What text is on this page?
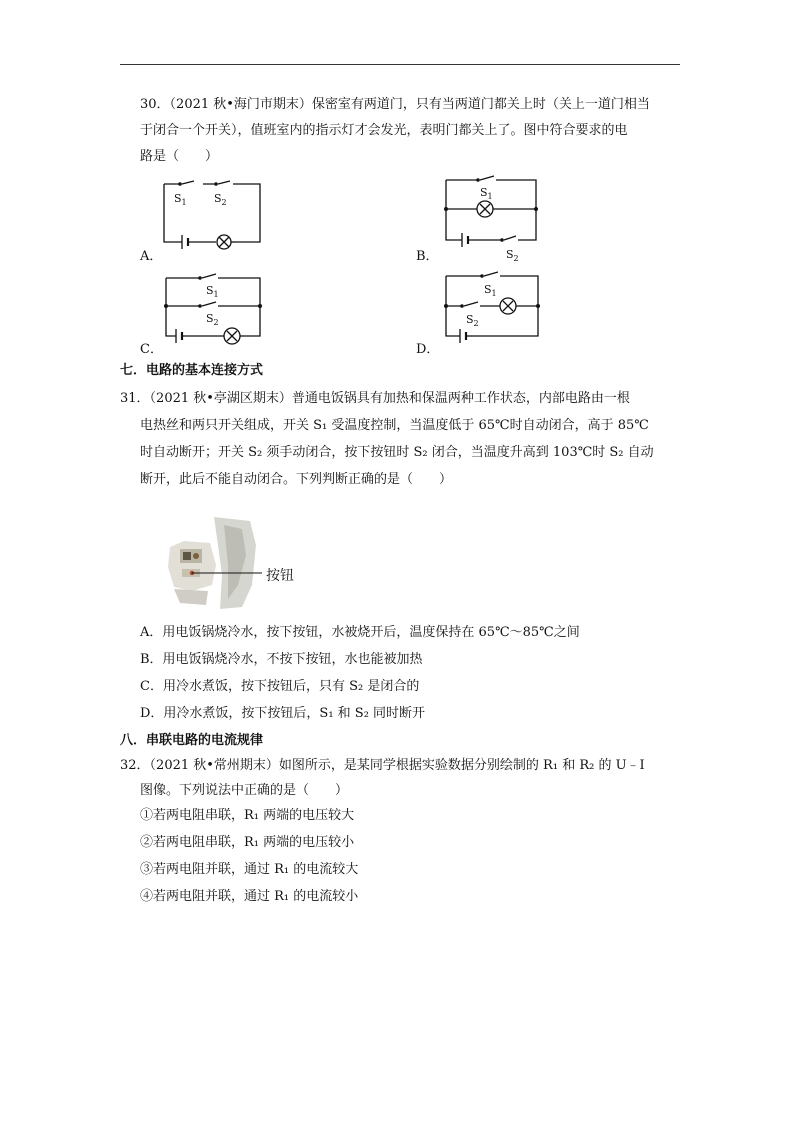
30．（2021 秋•海门市期末）保密室有两道门，只有当两道门都关上时（关上一道门相当
于闭合一个开关），值班室内的指示灯才会发光，表明门都关上了。图中符合要求的电
路是（　　）
A．	B．
C．	D．
$S_1$ $S_2$
$S_1$
$S_2$
$S_1$
$S_2$
$S_1$
$S_2$
七．电路的基本连接方式
31．（2021 秋•亭湖区期末）普通电饭锅具有加热和保温两种工作状态，内部电路由一根
电热丝和两只开关组成，开关 S₁ 受温度控制，当温度低于 65℃时自动闭合，高于 85℃
时自动断开；开关 S₂ 须手动闭合，按下按钮时 S₂ 闭合，当温度升高到 103℃时 S₂ 自动
断开，此后不能自动闭合。下列判断正确的是（　　）
按钮
A．用电饭锅烧冷水，按下按钮，水被烧开后，温度保持在 65℃～85℃之间
B．用电饭锅烧冷水，不按下按钮，水也能被加热
C．用冷水煮饭，按下按钮后，只有 S₂ 是闭合的
D．用冷水煮饭，按下按钮后，S₁ 和 S₂ 同时断开
八．串联电路的电流规律
32．（2021 秋•常州期末）如图所示，是某同学根据实验数据分别绘制的 R₁ 和 R₂ 的 U﹣I
图像。下列说法中正确的是（　　）
①若两电阻串联，R₁ 两端的电压较大
②若两电阻串联，R₁ 两端的电压较小
③若两电阻并联，通过 R₁ 的电流较大
④若两电阻并联，通过 R₁ 的电流较小
